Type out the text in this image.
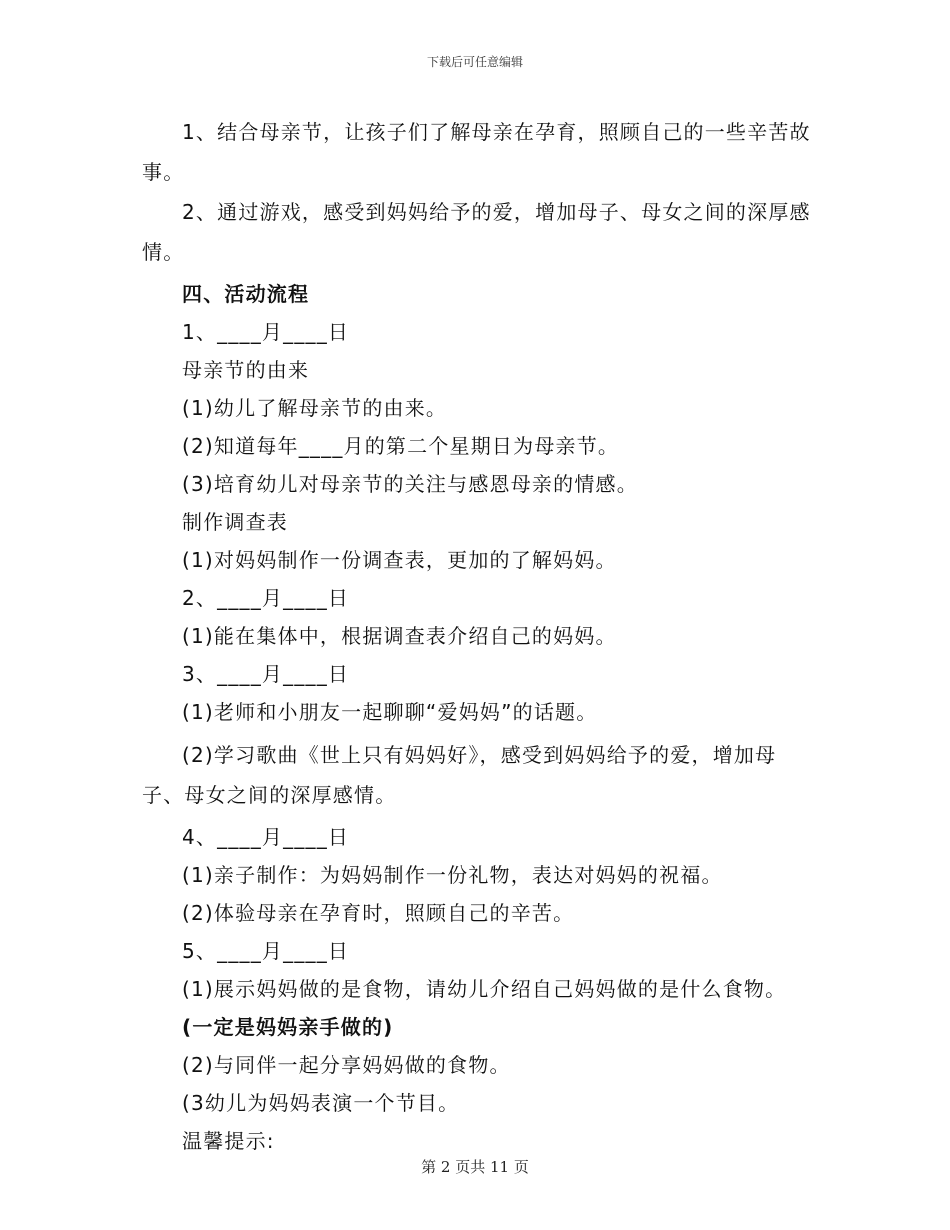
下载后可任意编辑

1、结合母亲节，让孩子们了解母亲在孕育，照顾自己的一些辛苦故事。

2、通过游戏，感受到妈妈给予的爱，增加母子、母女之间的深厚感情。

四、活动流程

1、____月____日

母亲节的由来

(1)幼儿了解母亲节的由来。

(2)知道每年____月的第二个星期日为母亲节。

(3)培育幼儿对母亲节的关注与感恩母亲的情感。

制作调查表

(1)对妈妈制作一份调查表，更加的了解妈妈。

2、____月____日

(1)能在集体中，根据调查表介绍自己的妈妈。

3、____月____日

(1)老师和小朋友一起聊聊“爱妈妈”的话题。

(2)学习歌曲《世上只有妈妈好》，感受到妈妈给予的爱，增加母子、母女之间的深厚感情。

4、____月____日

(1)亲子制作：为妈妈制作一份礼物，表达对妈妈的祝福。

(2)体验母亲在孕育时，照顾自己的辛苦。

5、____月____日

(1)展示妈妈做的是食物，请幼儿介绍自己妈妈做的是什么食物。

(一定是妈妈亲手做的)

(2)与同伴一起分享妈妈做的食物。

(3幼儿为妈妈表演一个节目。

温馨提示:

第 2 页共 11 页
